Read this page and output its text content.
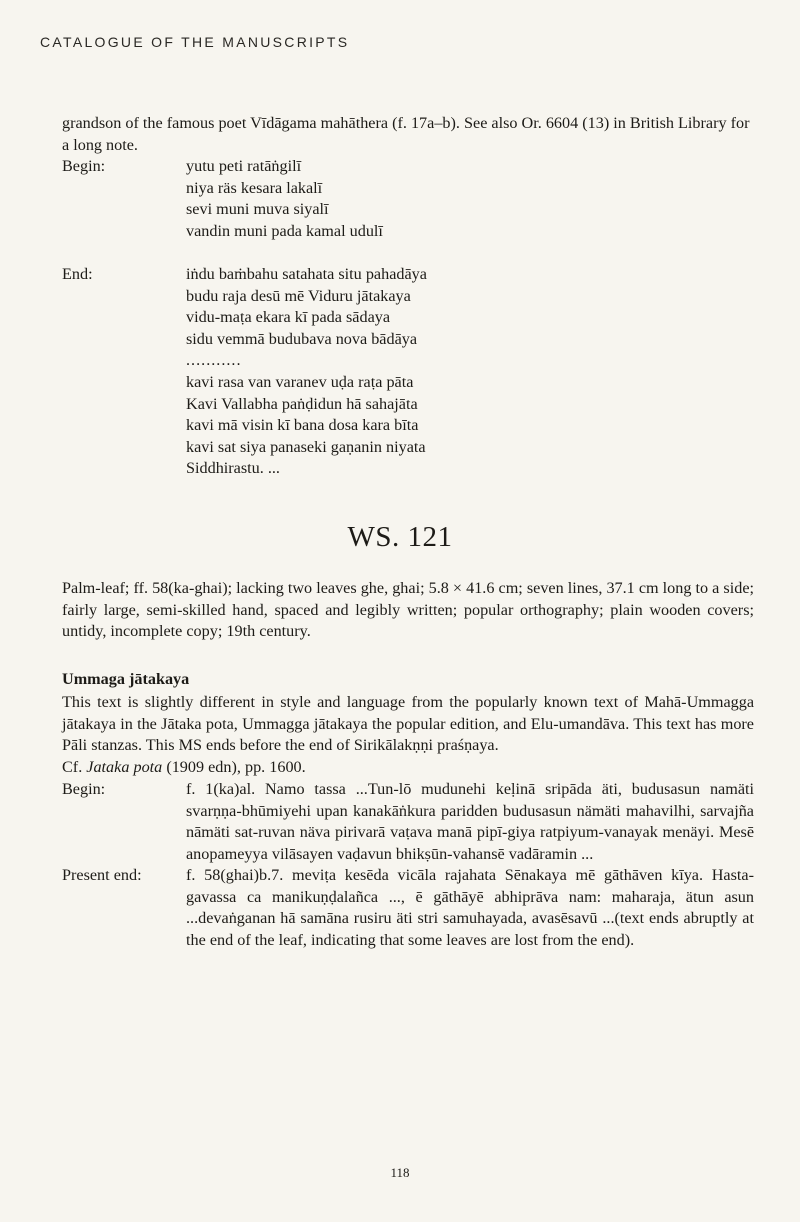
CATALOGUE OF THE MANUSCRIPTS
grandson of the famous poet Vīdāgama mahāthera (f. 17a–b). See also Or. 6604 (13) in British Library for a long note.
Begin:	yutu peti ratāṅgilī
niya räs kesara lakalī
sevi muni muva siyalī
vandin muni pada kamal udulī
End:	iṅdu baṁbahu satahata situ pahadāya
budu raja desū mē Viduru jātakaya
vidu-maṭa ekara kī pada sādaya
sidu vemmā budubava nova bādāya
...........
kavi rasa van varanev uḍa raṭa pāta
Kavi Vallabha paṅḍidun hā sahajāta
kavi mā visin kī bana dosa kara bīta
kavi sat siya panaseki gaṇanin niyata
Siddhirastu. ...
WS. 121
Palm-leaf; ff. 58(ka-ghai); lacking two leaves ghe, ghai; 5.8 × 41.6 cm; seven lines, 37.1 cm long to a side; fairly large, semi-skilled hand, spaced and legibly written; popular orthography; plain wooden covers; untidy, incomplete copy; 19th century.
Ummaga jātakaya
This text is slightly different in style and language from the popularly known text of Mahā-Ummagga jātakaya in the Jātaka pota, Ummagga jātakaya the popular edition, and Elu-umandāva. This text has more Pāli stanzas. This MS ends before the end of Sirikālakṇṇi praśṇaya.
Cf. Jataka pota (1909 edn), pp. 1600.
Begin:	f. 1(ka)al. Namo tassa ...Tun-lō mudunehi keḷinā sripāda äti, budusasun namäti svarṇṇa-bhūmiyehi upan kanakāṅkura paridden budusasun nämäti mahavilhi, sarvajña nāmäti sat-ruvan näva pirivarā vaṭava manā pipī-giya ratpiyum-vanayak menäyi. Mesē anopameyya vilāsayen vaḍavun bhikṣūn-vahansē vadāramin ...
Present end:	f. 58(ghai)b.7. meviṭa kesēda vicāla rajahata Sēnakaya mē gāthāven kīya. Hasta-gavassa ca manikuṇḍalañca ..., ē gāthāyē abhiprāva nam: maharaja, ätun asun ...devaṅganan hā samāna rusiru äti stri samuhayada, avasēsavū ...(text ends abruptly at the end of the leaf, indicating that some leaves are lost from the end).
118
